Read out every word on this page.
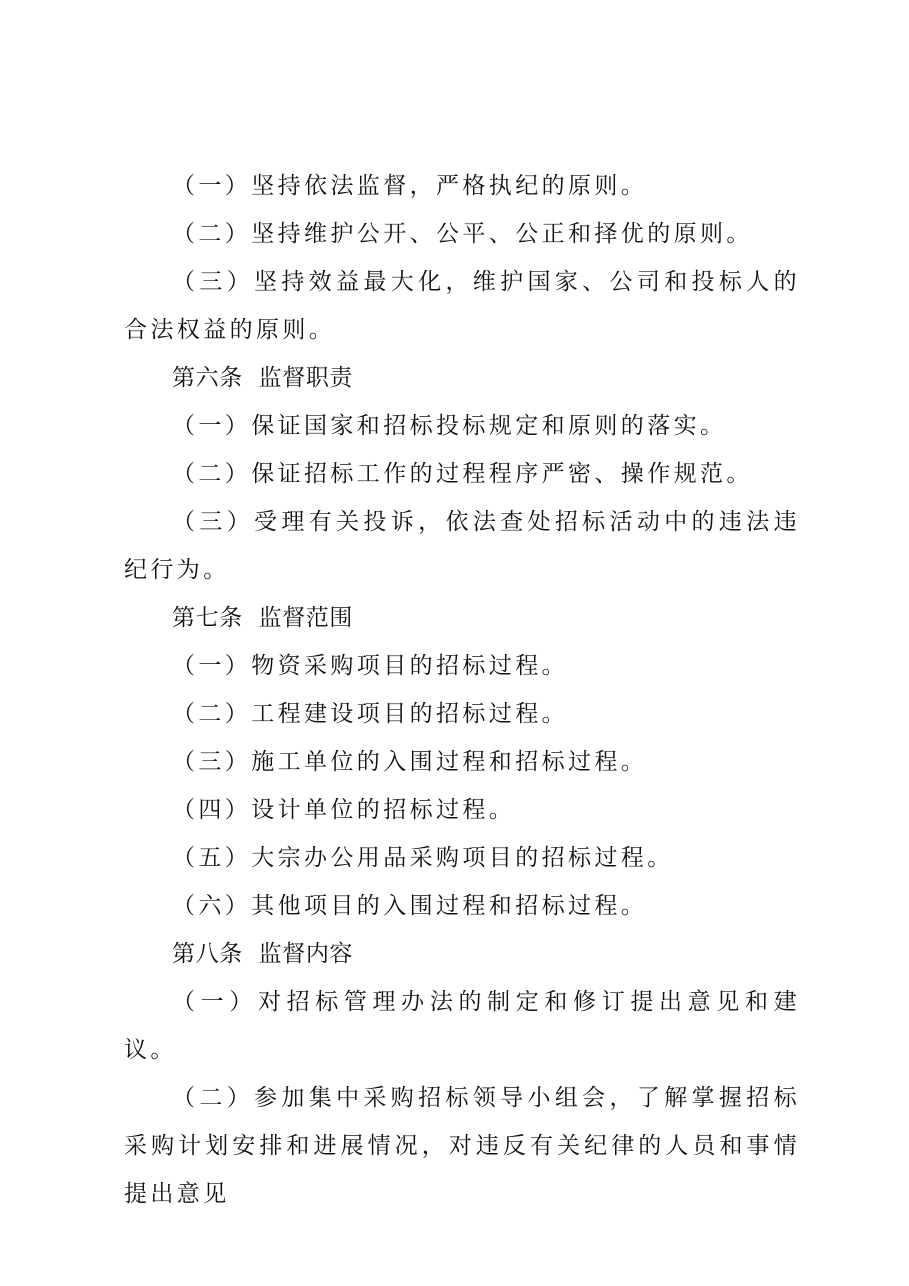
（一）坚持依法监督，严格执纪的原则。

（二）坚持维护公开、公平、公正和择优的原则。

（三）坚持效益最大化，维护国家、公司和投标人的合法权益的原则。

第六条  监督职责

（一）保证国家和招标投标规定和原则的落实。

（二）保证招标工作的过程程序严密、操作规范。

（三）受理有关投诉，依法查处招标活动中的违法违纪行为。

第七条  监督范围

（一）物资采购项目的招标过程。

（二）工程建设项目的招标过程。

（三）施工单位的入围过程和招标过程。

（四）设计单位的招标过程。

（五）大宗办公用品采购项目的招标过程。

（六）其他项目的入围过程和招标过程。

第八条  监督内容

（一）对招标管理办法的制定和修订提出意见和建议。

（二）参加集中采购招标领导小组会，了解掌握招标采购计划安排和进展情况，对违反有关纪律的人员和事情提出意见
